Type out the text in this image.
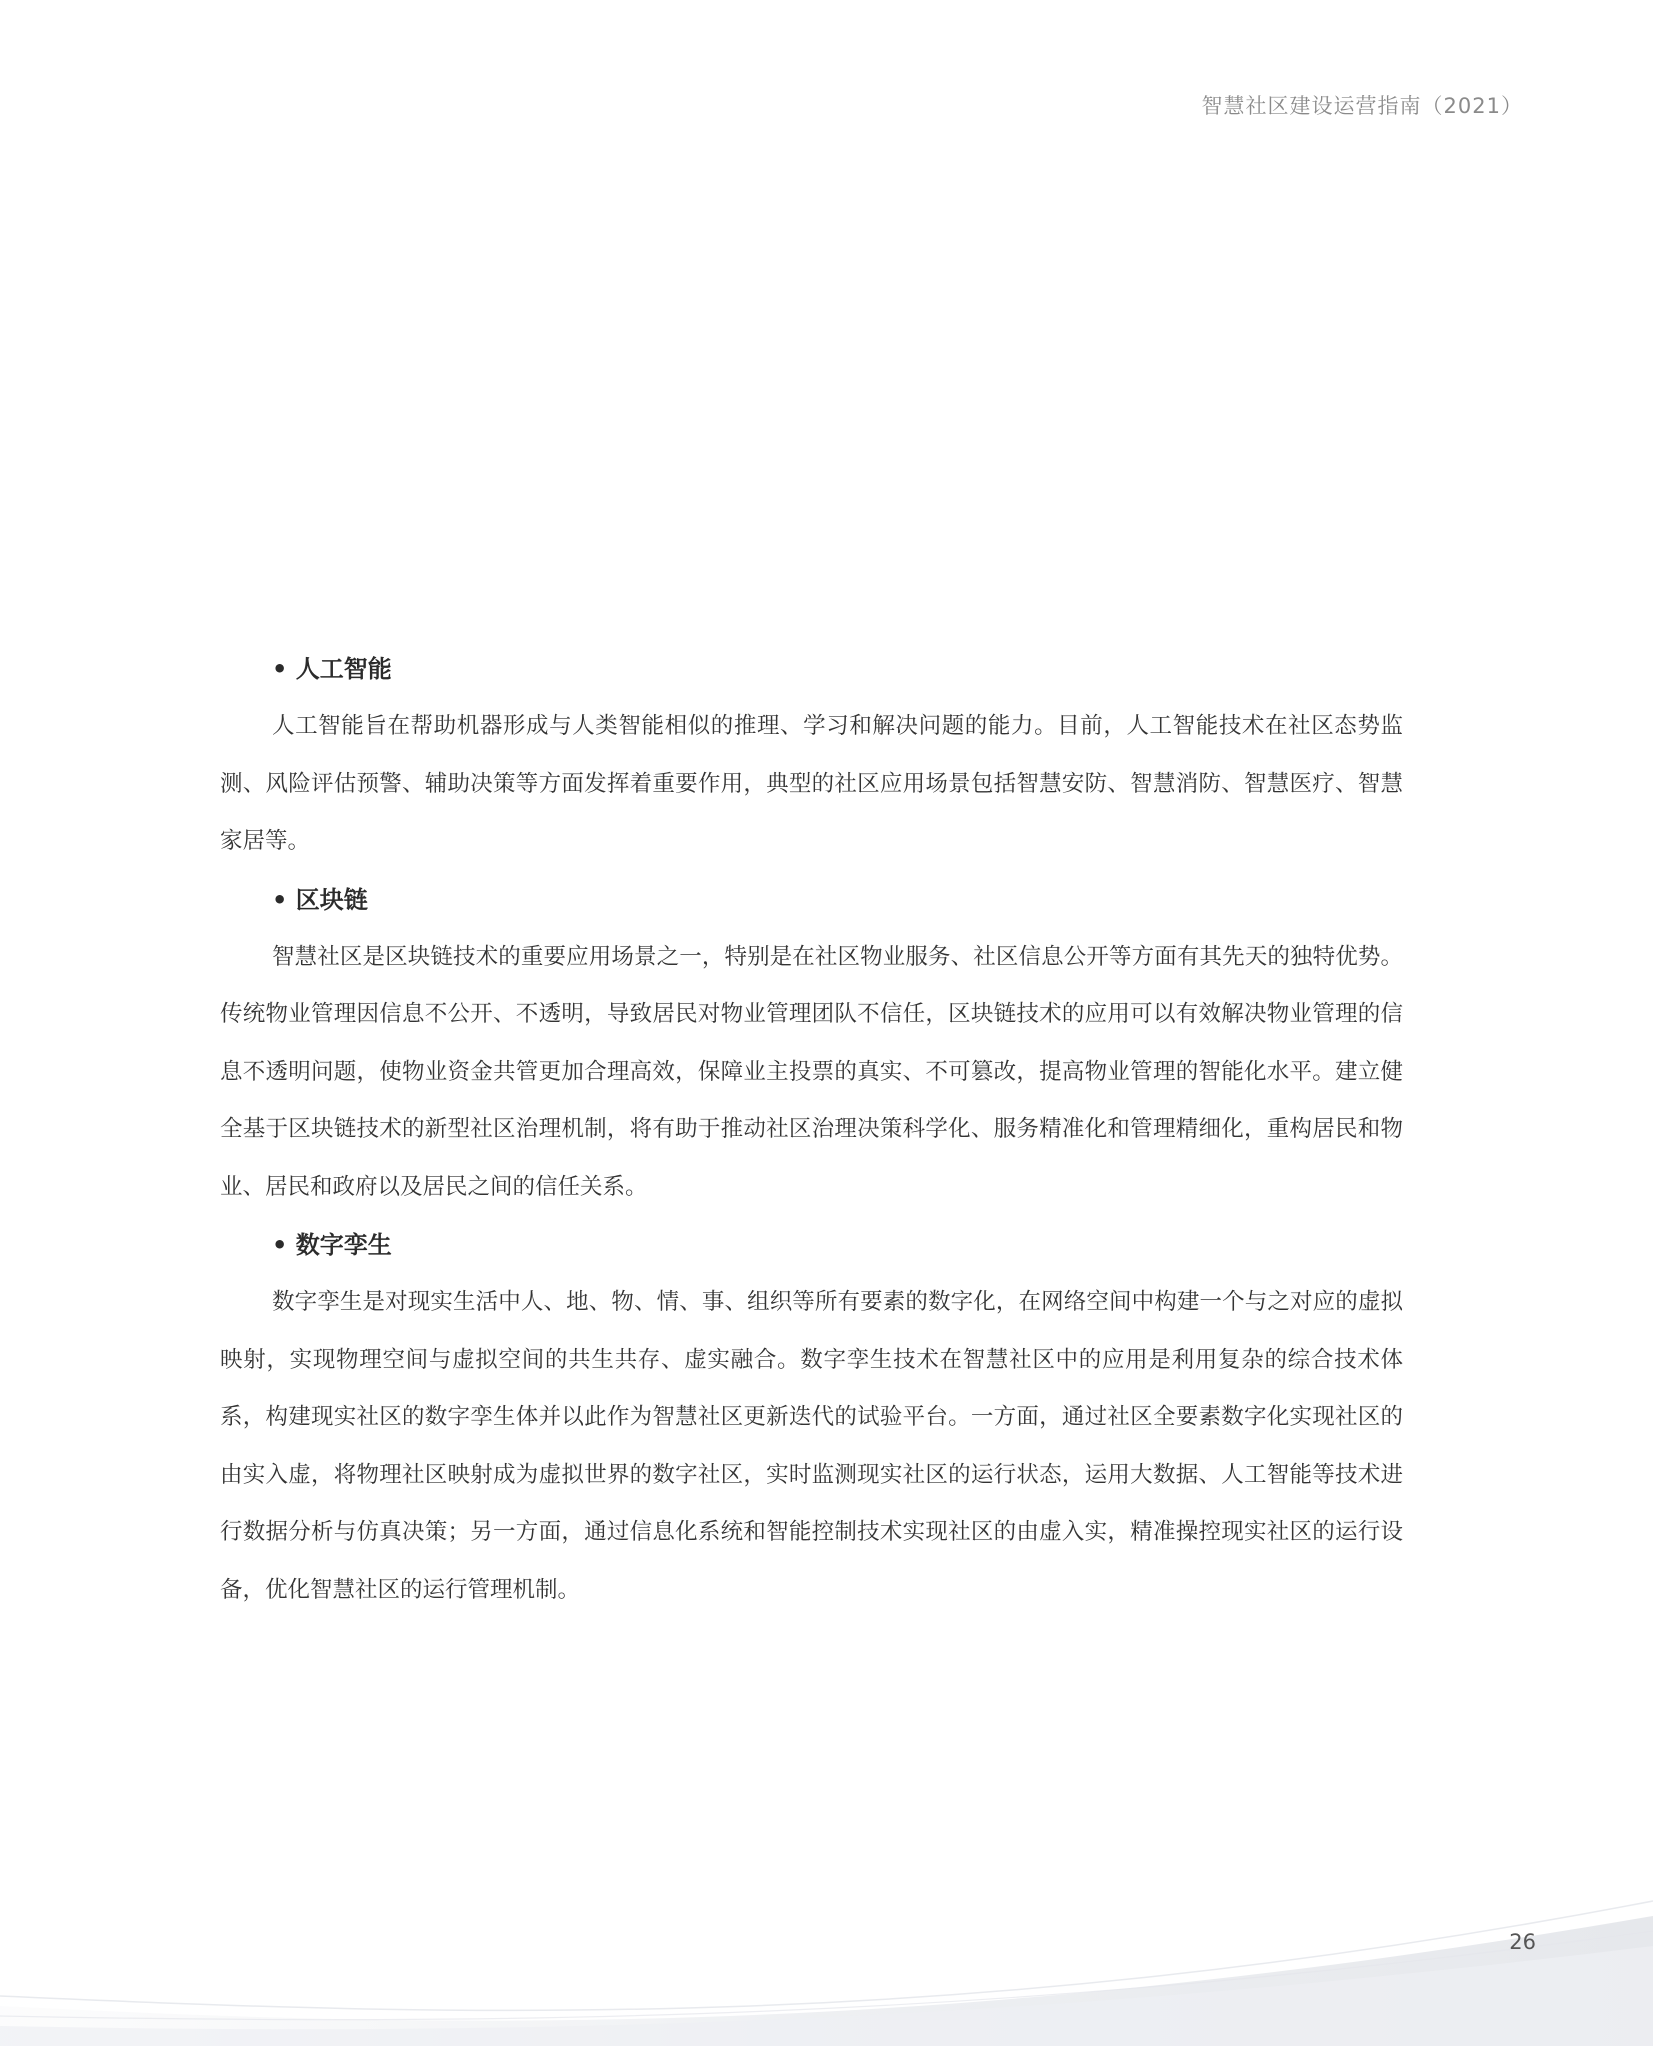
智慧社区建设运营指南（2021）
• 人工智能

人工智能旨在帮助机器形成与人类智能相似的推理、学习和解决问题的能力。目前，人工智能技术在社区态势监测、风险评估预警、辅助决策等方面发挥着重要作用，典型的社区应用场景包括智慧安防、智慧消防、智慧医疗、智慧家居等。

• 区块链

智慧社区是区块链技术的重要应用场景之一，特别是在社区物业服务、社区信息公开等方面有其先天的独特优势。传统物业管理因信息不公开、不透明，导致居民对物业管理团队不信任，区块链技术的应用可以有效解决物业管理的信息不透明问题，使物业资金共管更加合理高效，保障业主投票的真实、不可篡改，提高物业管理的智能化水平。建立健全基于区块链技术的新型社区治理机制，将有助于推动社区治理决策科学化、服务精准化和管理精细化，重构居民和物业、居民和政府以及居民之间的信任关系。

• 数字孪生

数字孪生是对现实生活中人、地、物、情、事、组织等所有要素的数字化，在网络空间中构建一个与之对应的虚拟映射，实现物理空间与虚拟空间的共生共存、虚实融合。数字孪生技术在智慧社区中的应用是利用复杂的综合技术体系，构建现实社区的数字孪生体并以此作为智慧社区更新迭代的试验平台。一方面，通过社区全要素数字化实现社区的由实入虚，将物理社区映射成为虚拟世界的数字社区，实时监测现实社区的运行状态，运用大数据、人工智能等技术进行数据分析与仿真决策；另一方面，通过信息化系统和智能控制技术实现社区的由虚入实，精准操控现实社区的运行设备，优化智慧社区的运行管理机制。

26
